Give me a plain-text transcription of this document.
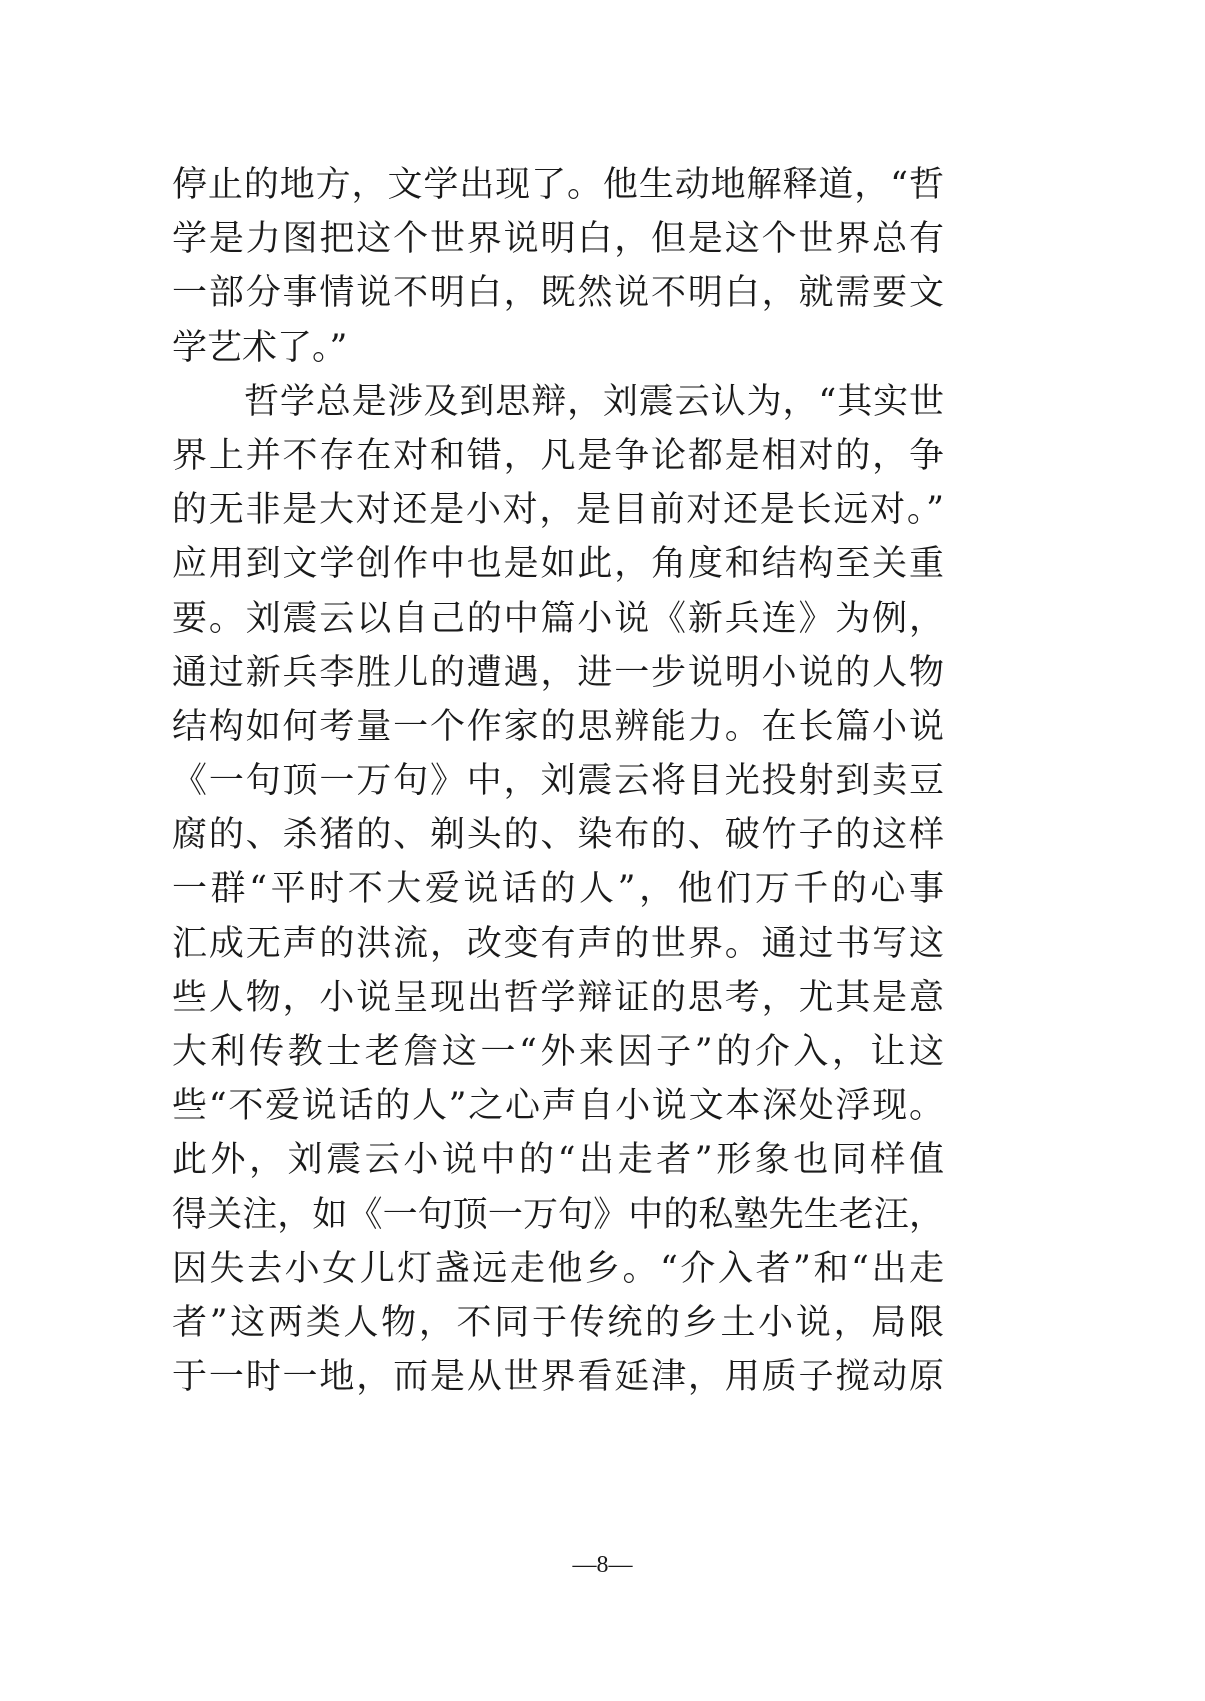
停止的地方，文学出现了。他生动地解释道，“哲
学是力图把这个世界说明白，但是这个世界总有
一部分事情说不明白，既然说不明白，就需要文
学艺术了。”
哲学总是涉及到思辩，刘震云认为，“其实世
界上并不存在对和错，凡是争论都是相对的，争
的无非是大对还是小对，是目前对还是长远对。”
应用到文学创作中也是如此，角度和结构至关重
要。刘震云以自己的中篇小说《新兵连》为例，
通过新兵李胜儿的遭遇，进一步说明小说的人物
结构如何考量一个作家的思辨能力。在长篇小说
《一句顶一万句》中，刘震云将目光投射到卖豆
腐的、杀猪的、剃头的、染布的、破竹子的这样
一群“平时不大爱说话的人”，他们万千的心事
汇成无声的洪流，改变有声的世界。通过书写这
些人物，小说呈现出哲学辩证的思考，尤其是意
大利传教士老詹这一“外来因子”的介入，让这
些“不爱说话的人”之心声自小说文本深处浮现。
此外，刘震云小说中的“出走者”形象也同样值
得关注，如《一句顶一万句》中的私塾先生老汪，
因失去小女儿灯盏远走他乡。“介入者”和“出走
者”这两类人物，不同于传统的乡土小说，局限
于一时一地，而是从世界看延津，用质子搅动原
—8—
